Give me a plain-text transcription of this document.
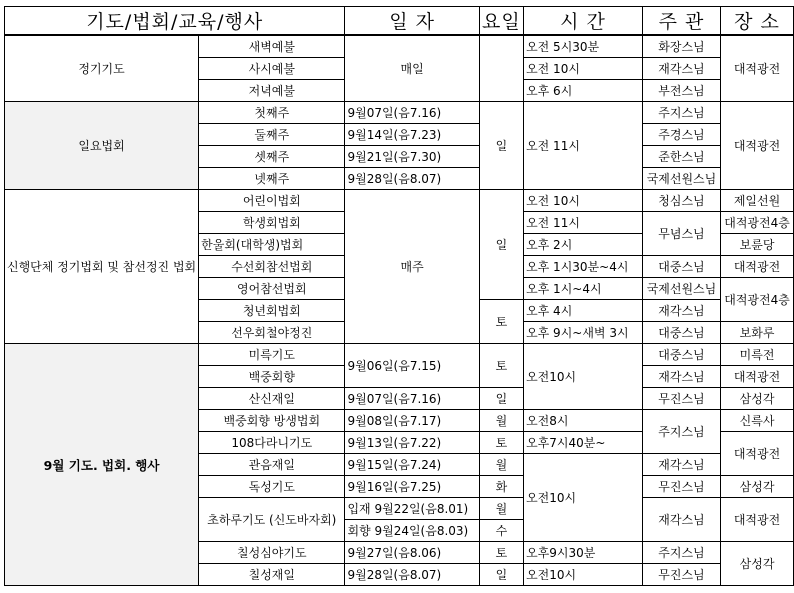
기도/법회/교육/행사		일 자	요일	시 간	주 관	장 소
정기기도	새벽예불	매일		오전 5시30분	화장스님	대적광전
	사시예불			오전 10시	재각스님	
	저녁예불			오후 6시	부전스님	
일요법회	첫째주	9월07일(음7.16)	일	오전 11시	주지스님	대적광전
	둘째주	9월14일(음7.23)			주경스님	
	셋째주	9월21일(음7.30)			준한스님	
	넷째주	9월28일(음8.07)			국제선원스님	
신행단체 정기법회 및 참선정진 법회	어린이법회	매주	일	오전 10시	청심스님	제일선원
	학생회법회			오전 11시	무념스님	대적광전4층
	한울회(대학생)법회			오후 2시		보륜당
	수선회참선법회			오후 1시30분~4시	대중스님	대적광전
	영어참선법회			오후 1시~4시	국제선원스님	대적광전4층
	청년회법회		토	오후 4시	재각스님	
	선우회철야정진			오후 9시~새벽 3시	대중스님	보화루
9월 기도. 법회. 행사	미륵기도	9월06일(음7.15)	토	오전10시	대중스님	미륵전
	백중회향				재각스님	대적광전
	산신재일	9월07일(음7.16)	일		무진스님	삼성각
	백중회향 방생법회	9월08일(음7.17)	월	오전8시	주지스님	신륵사
	108다라니기도	9월13일(음7.22)	토	오후7시40분~		대적광전
	관음재일	9월15일(음7.24)	월	오전10시	재각스님	
	독성기도	9월16일(음7.25)	화		무진스님	삼성각
	초하루기도 (신도바자회)	입재 9월22일(음8.01)	월		재각스님	대적광전
		회향 9월24일(음8.03)	수			
	칠성심야기도	9월27일(음8.06)	토	오후9시30분	주지스님	삼성각
	칠성재일	9월28일(음8.07)	일	오전10시	무진스님	
